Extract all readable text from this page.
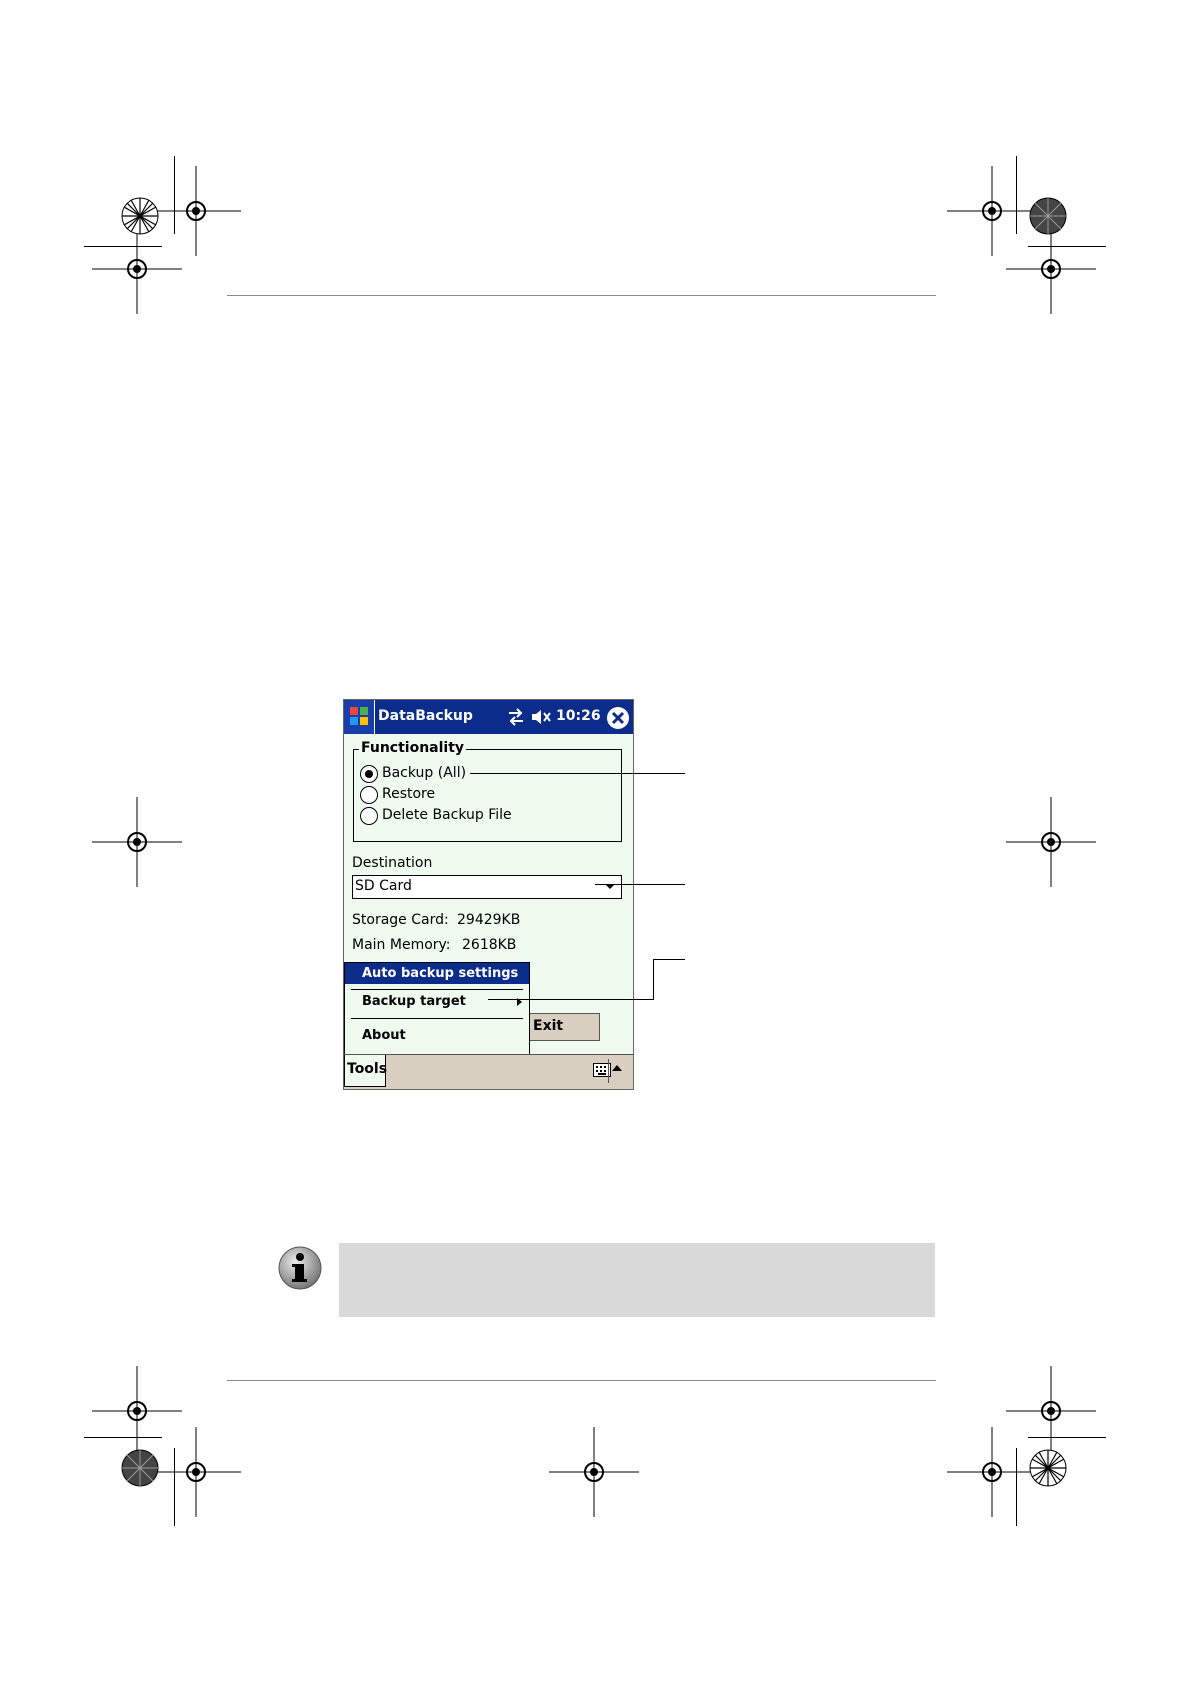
DataBackup	10:26
Functionality
Backup (All)
Restore
Delete Backup File
Destination
SD Card
Storage Card: 29429KB
Main Memory: 2618KB
Exit
Auto backup settings
Backup target
About
Tools
